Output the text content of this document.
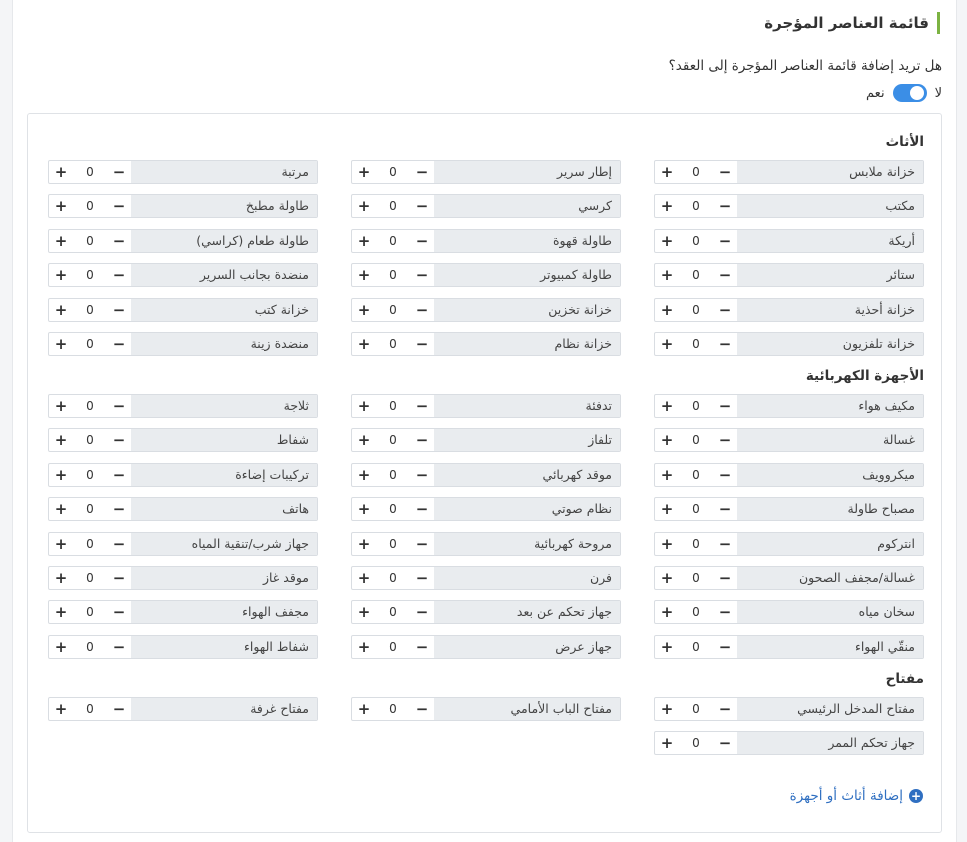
قائمة العناصر المؤجرة
هل تريد إضافة قائمة العناصر المؤجرة إلى العقد؟
لا
نعم
+
إضافة أثاث أو أجهزة
الأثاث
خزانة ملابس
−
0
+
إطار سرير
−
0
+
مرتبة
−
0
+
مكتب
−
0
+
كرسي
−
0
+
طاولة مطبخ
−
0
+
أريكة
−
0
+
طاولة قهوة
−
0
+
طاولة طعام (كراسي)
−
0
+
ستائر
−
0
+
طاولة كمبيوتر
−
0
+
منضدة بجانب السرير
−
0
+
خزانة أحذية
−
0
+
خزانة تخزين
−
0
+
خزانة كتب
−
0
+
خزانة تلفزيون
−
0
+
خزانة نظام
−
0
+
منضدة زينة
−
0
+
الأجهزة الكهربائية
مكيف هواء
−
0
+
تدفئة
−
0
+
ثلاجة
−
0
+
غسالة
−
0
+
تلفاز
−
0
+
شفاط
−
0
+
ميكروويف
−
0
+
موقد كهربائي
−
0
+
تركيبات إضاءة
−
0
+
مصباح طاولة
−
0
+
نظام صوتي
−
0
+
هاتف
−
0
+
انتركوم
−
0
+
مروحة كهربائية
−
0
+
جهاز شرب/تنقية المياه
−
0
+
غسالة/مجفف الصحون
−
0
+
فرن
−
0
+
موقد غاز
−
0
+
سخان مياه
−
0
+
جهاز تحكم عن بعد
−
0
+
مجفف الهواء
−
0
+
منقّي الهواء
−
0
+
جهاز عرض
−
0
+
شفاط الهواء
−
0
+
مفتاح
مفتاح المدخل الرئيسي
−
0
+
مفتاح الباب الأمامي
−
0
+
مفتاح غرفة
−
0
+
جهاز تحكم الممر
−
0
+
